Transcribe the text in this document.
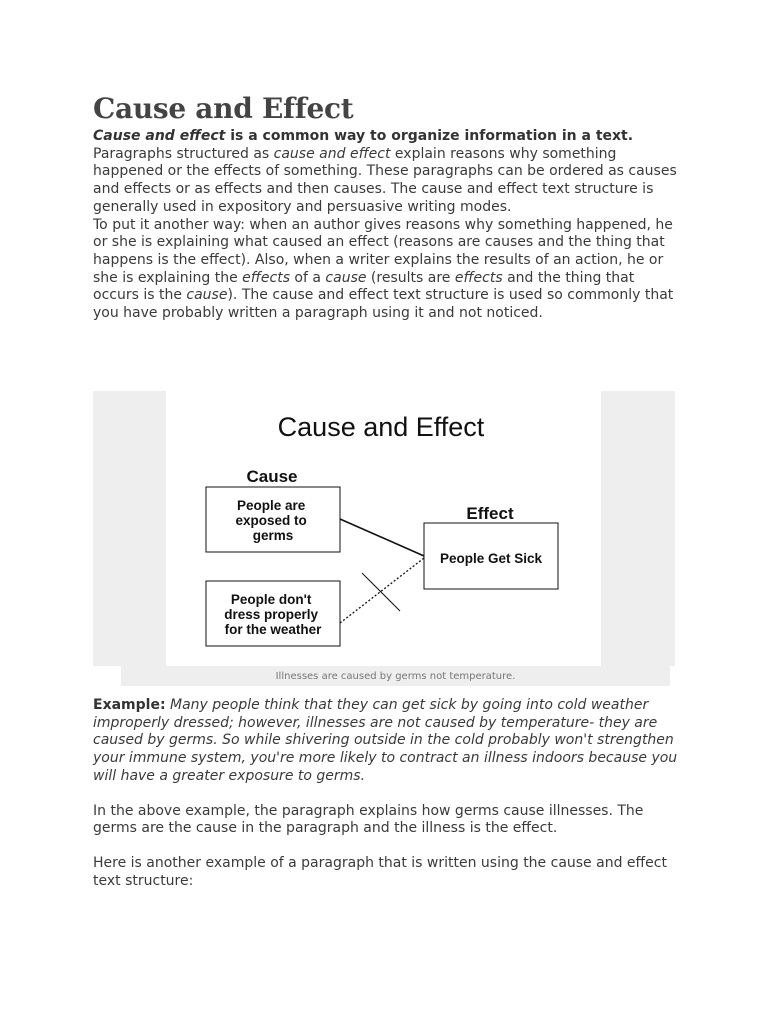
Cause and Effect

Cause and effect is a common way to organize information in a text. Paragraphs structured as cause and effect explain reasons why something happened or the effects of something. These paragraphs can be ordered as causes and effects or as effects and then causes. The cause and effect text structure is generally used in expository and persuasive writing modes.

To put it another way: when an author gives reasons why something happened, he or she is explaining what caused an effect (reasons are causes and the thing that happens is the effect). Also, when a writer explains the results of an action, he or she is explaining the effects of a cause (results are effects and the thing that occurs is the cause). The cause and effect text structure is used so commonly that you have probably written a paragraph using it and not noticed.

Cause and Effect
Cause
Effect
People are exposed to germs
People don't dress properly for the weather
People Get Sick
Illnesses are caused by germs not temperature.

Example: Many people think that they can get sick by going into cold weather improperly dressed; however, illnesses are not caused by temperature- they are caused by germs. So while shivering outside in the cold probably won't strengthen your immune system, you're more likely to contract an illness indoors because you will have a greater exposure to germs.

In the above example, the paragraph explains how germs cause illnesses. The germs are the cause in the paragraph and the illness is the effect.

Here is another example of a paragraph that is written using the cause and effect text structure:
